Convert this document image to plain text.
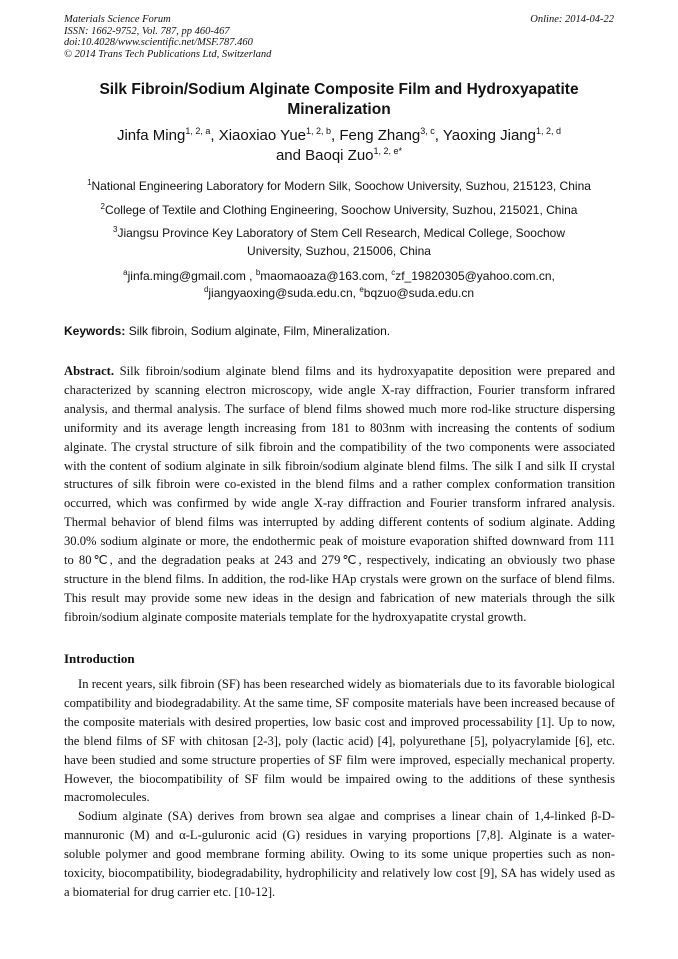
Materials Science Forum
ISSN: 1662-9752, Vol. 787, pp 460-467
doi:10.4028/www.scientific.net/MSF.787.460
© 2014 Trans Tech Publications Ltd, Switzerland
Online: 2014-04-22
Silk Fibroin/Sodium Alginate Composite Film and Hydroxyapatite Mineralization
Jinfa Ming$^{1, 2, a}$, Xiaoxiao Yue$^{1, 2, b}$, Feng Zhang$^{3, c}$, Yaoxing Jiang$^{1, 2, d}$
and Baoqi Zuo$^{1, 2, e*}$
$^1$National Engineering Laboratory for Modern Silk, Soochow University, Suzhou, 215123, China
$^2$College of Textile and Clothing Engineering, Soochow University, Suzhou, 215021, China
$^3$Jiangsu Province Key Laboratory of Stem Cell Research, Medical College, Soochow University, Suzhou, 215006, China
$^a$jinfa.ming@gmail.com , $^b$maomaoaza@163.com, $^c$zf_19820305@yahoo.com.cn,
$^d$jiangyaoxing@suda.edu.cn, $^e$bqzuo@suda.edu.cn
Keywords: Silk fibroin, Sodium alginate, Film, Mineralization.
Abstract. Silk fibroin/sodium alginate blend films and its hydroxyapatite deposition were prepared and characterized by scanning electron microscopy, wide angle X-ray diffraction, Fourier transform infrared analysis, and thermal analysis. The surface of blend films showed much more rod-like structure dispersing uniformity and its average length increasing from 181 to 803nm with increasing the contents of sodium alginate. The crystal structure of silk fibroin and the compatibility of the two components were associated with the content of sodium alginate in silk fibroin/sodium alginate blend films. The silk I and silk II crystal structures of silk fibroin were co-existed in the blend films and a rather complex conformation transition occurred, which was confirmed by wide angle X-ray diffraction and Fourier transform infrared analysis. Thermal behavior of blend films was interrupted by adding different contents of sodium alginate. Adding 30.0% sodium alginate or more, the endothermic peak of moisture evaporation shifted downward from 111 to 80℃, and the degradation peaks at 243 and 279℃, respectively, indicating an obviously two phase structure in the blend films. In addition, the rod-like HAp crystals were grown on the surface of blend films. This result may provide some new ideas in the design and fabrication of new materials through the silk fibroin/sodium alginate composite materials template for the hydroxyapatite crystal growth.
Introduction
In recent years, silk fibroin (SF) has been researched widely as biomaterials due to its favorable biological compatibility and biodegradability. At the same time, SF composite materials have been increased because of the composite materials with desired properties, low basic cost and improved processability [1]. Up to now, the blend films of SF with chitosan [2-3], poly (lactic acid) [4], polyurethane [5], polyacrylamide [6], etc. have been studied and some structure properties of SF film were improved, especially mechanical property. However, the biocompatibility of SF film would be impaired owing to the additions of these synthesis macromolecules.
Sodium alginate (SA) derives from brown sea algae and comprises a linear chain of 1,4-linked β-D-mannuronic (M) and α-L-guluronic acid (G) residues in varying proportions [7,8]. Alginate is a water-soluble polymer and good membrane forming ability. Owing to its some unique properties such as non-toxicity, biocompatibility, biodegradability, hydrophilicity and relatively low cost [9], SA has widely used as a biomaterial for drug carrier etc. [10-12].
